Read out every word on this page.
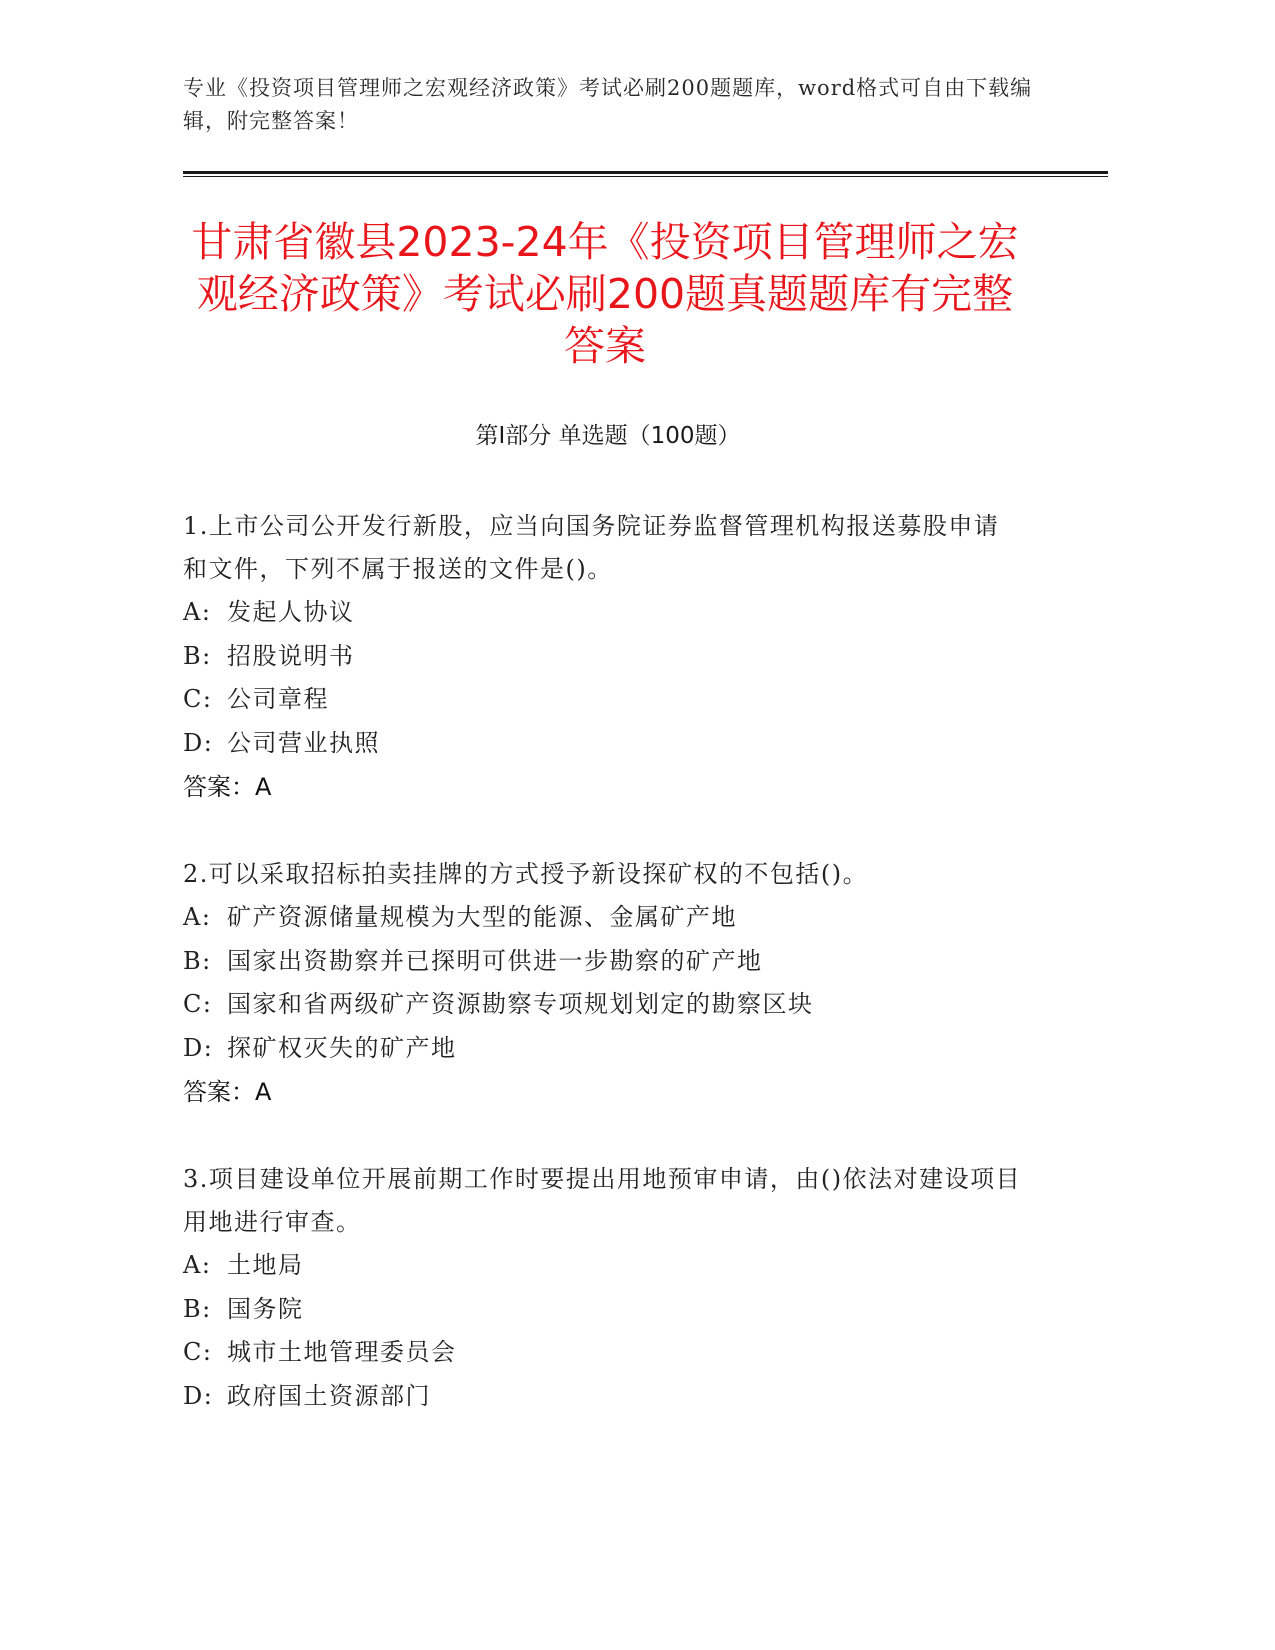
专业《投资项目管理师之宏观经济政策》考试必刷200题题库，word格式可自由下载编辑，附完整答案！
甘肃省徽县2023-24年《投资项目管理师之宏观经济政策》考试必刷200题真题题库有完整答案
第I部分 单选题（100题）
1.上市公司公开发行新股，应当向国务院证券监督管理机构报送募股申请和文件，下列不属于报送的文件是()。
A: 发起人协议
B: 招股说明书
C: 公司章程
D: 公司营业执照
答案：A
2.可以采取招标拍卖挂牌的方式授予新设探矿权的不包括()。
A: 矿产资源储量规模为大型的能源、金属矿产地
B: 国家出资勘察并已探明可供进一步勘察的矿产地
C: 国家和省两级矿产资源勘察专项规划划定的勘察区块
D: 探矿权灭失的矿产地
答案：A
3.项目建设单位开展前期工作时要提出用地预审申请，由()依法对建设项目用地进行审查。
A: 土地局
B: 国务院
C: 城市土地管理委员会
D: 政府国土资源部门
